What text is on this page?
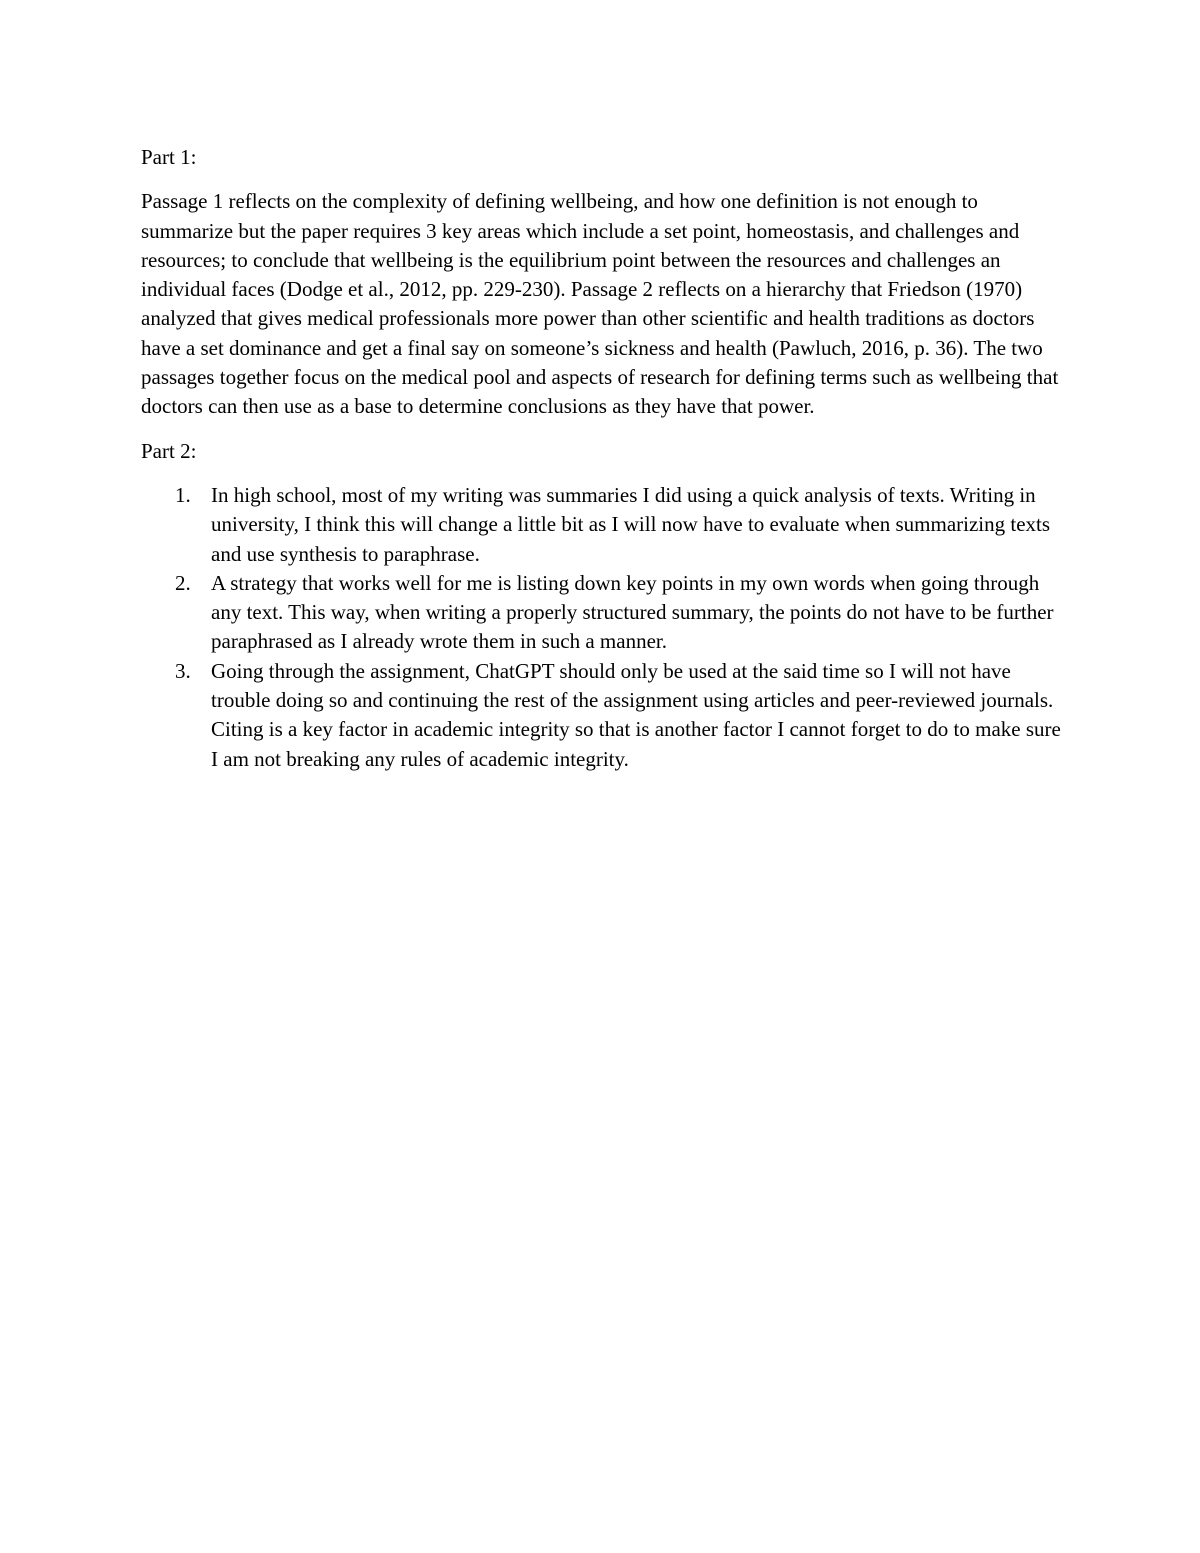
Part 1:

Passage 1 reflects on the complexity of defining wellbeing, and how one definition is not enough to summarize but the paper requires 3 key areas which include a set point, homeostasis, and challenges and resources; to conclude that wellbeing is the equilibrium point between the resources and challenges an individual faces (Dodge et al., 2012, pp. 229-230). Passage 2 reflects on a hierarchy that Friedson (1970) analyzed that gives medical professionals more power than other scientific and health traditions as doctors have a set dominance and get a final say on someone’s sickness and health (Pawluch, 2016, p. 36). The two passages together focus on the medical pool and aspects of research for defining terms such as wellbeing that doctors can then use as a base to determine conclusions as they have that power.

Part 2:

1. In high school, most of my writing was summaries I did using a quick analysis of texts. Writing in university, I think this will change a little bit as I will now have to evaluate when summarizing texts and use synthesis to paraphrase.
2. A strategy that works well for me is listing down key points in my own words when going through any text. This way, when writing a properly structured summary, the points do not have to be further paraphrased as I already wrote them in such a manner.
3. Going through the assignment, ChatGPT should only be used at the said time so I will not have trouble doing so and continuing the rest of the assignment using articles and peer-reviewed journals. Citing is a key factor in academic integrity so that is another factor I cannot forget to do to make sure I am not breaking any rules of academic integrity.
